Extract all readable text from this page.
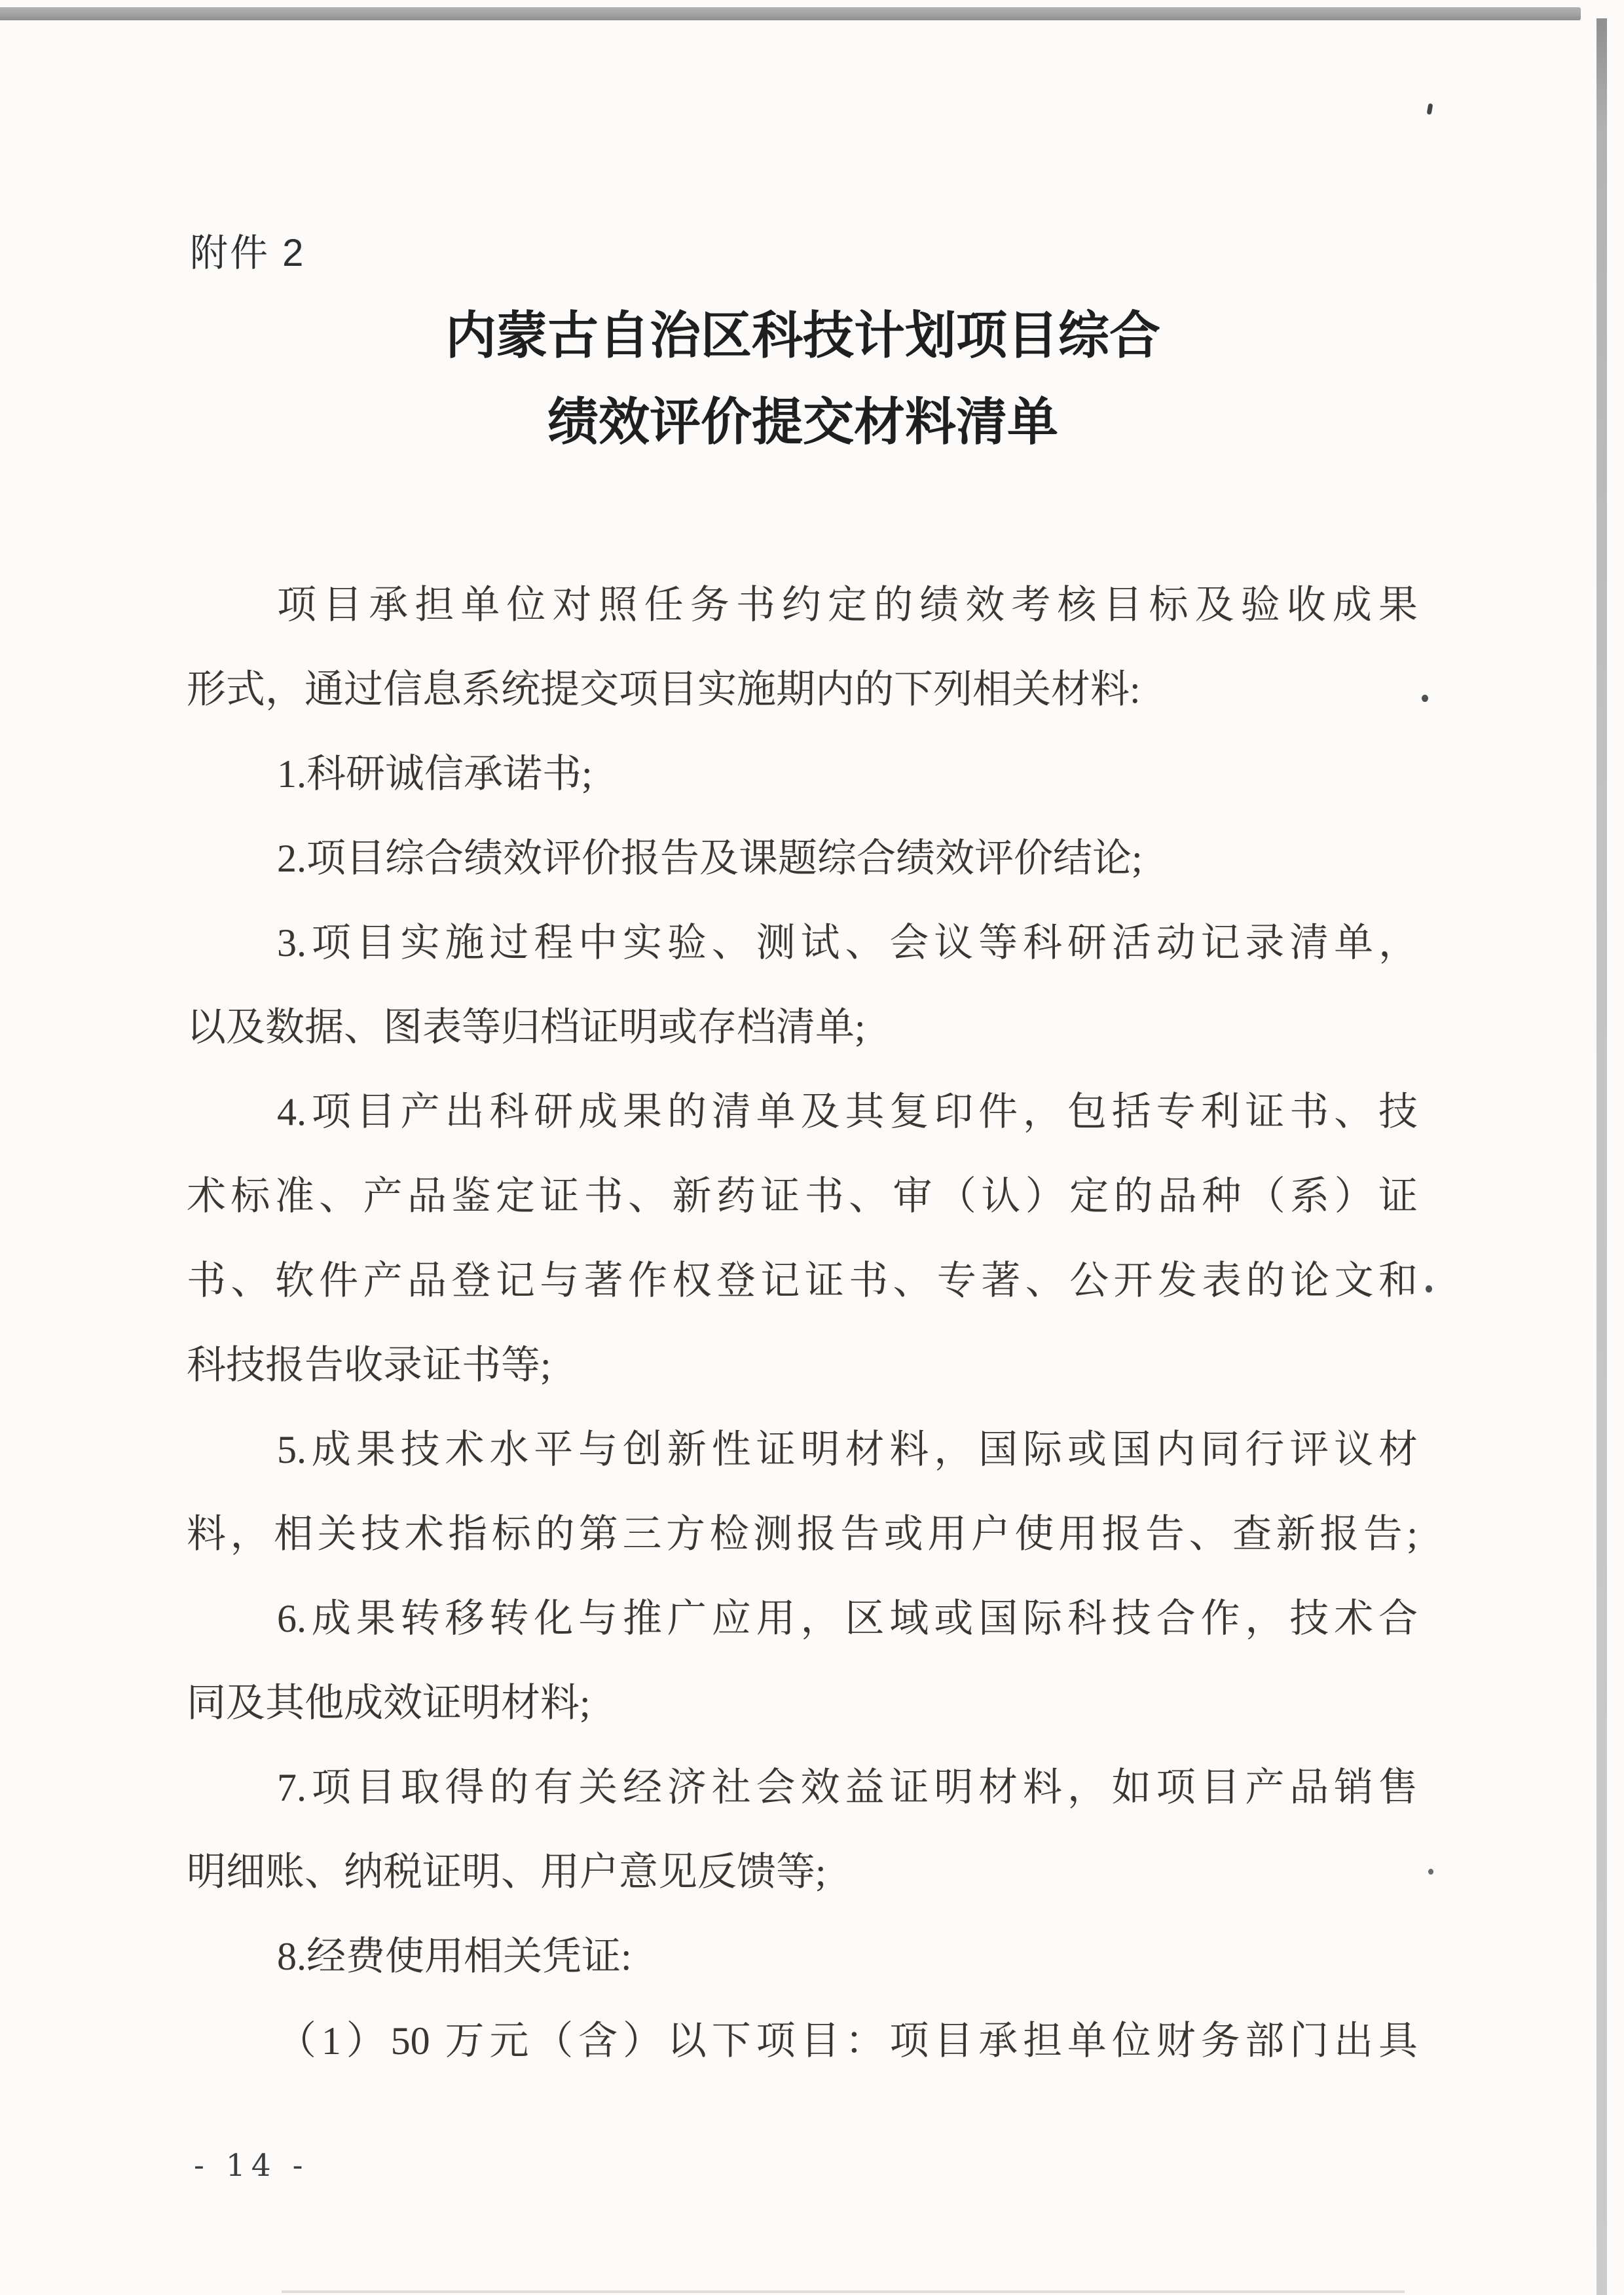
附件 2
内蒙古自治区科技计划项目综合
绩效评价提交材料清单
项目承担单位对照任务书约定的绩效考核目标及验收成果
形式，通过信息系统提交项目实施期内的下列相关材料:
1.科研诚信承诺书;
2.项目综合绩效评价报告及课题综合绩效评价结论;
3.项目实施过程中实验、测试、会议等科研活动记录清单，
以及数据、图表等归档证明或存档清单;
4.项目产出科研成果的清单及其复印件，包括专利证书、技
术标准、产品鉴定证书、新药证书、审（认）定的品种（系）证
书、软件产品登记与著作权登记证书、专著、公开发表的论文和
科技报告收录证书等;
5.成果技术水平与创新性证明材料，国际或国内同行评议材
料，相关技术指标的第三方检测报告或用户使用报告、查新报告;
6.成果转移转化与推广应用，区域或国际科技合作，技术合
同及其他成效证明材料;
7.项目取得的有关经济社会效益证明材料，如项目产品销售
明细账、纳税证明、用户意见反馈等;
8.经费使用相关凭证:
（1）50 万元（含）以下项目：项目承担单位财务部门出具
- 14 -
